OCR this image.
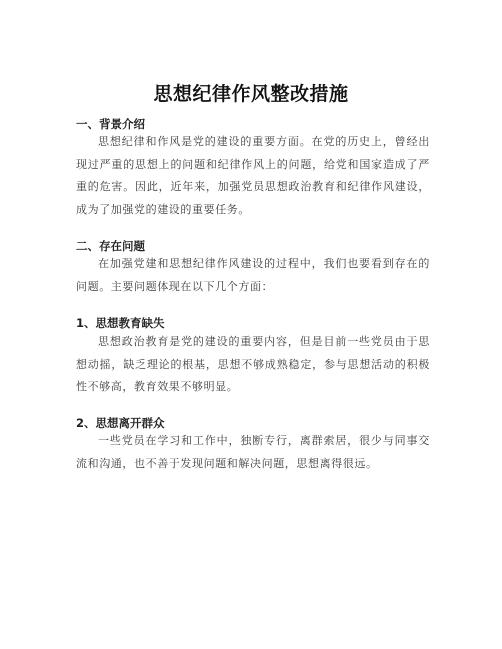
思想纪律作风整改措施
一、背景介绍
思想纪律和作风是党的建设的重要方面。在党的历史上，曾经出现过严重的思想上的问题和纪律作风上的问题，给党和国家造成了严重的危害。因此，近年来，加强党员思想政治教育和纪律作风建设，成为了加强党的建设的重要任务。
二、存在问题
在加强党建和思想纪律作风建设的过程中，我们也要看到存在的问题。主要问题体现在以下几个方面：
1、思想教育缺失
思想政治教育是党的建设的重要内容，但是目前一些党员由于思想动摇，缺乏理论的根基，思想不够成熟稳定，参与思想活动的积极性不够高，教育效果不够明显。
2、思想离开群众
一些党员在学习和工作中，独断专行，离群索居，很少与同事交流和沟通，也不善于发现问题和解决问题，思想离得很远。
